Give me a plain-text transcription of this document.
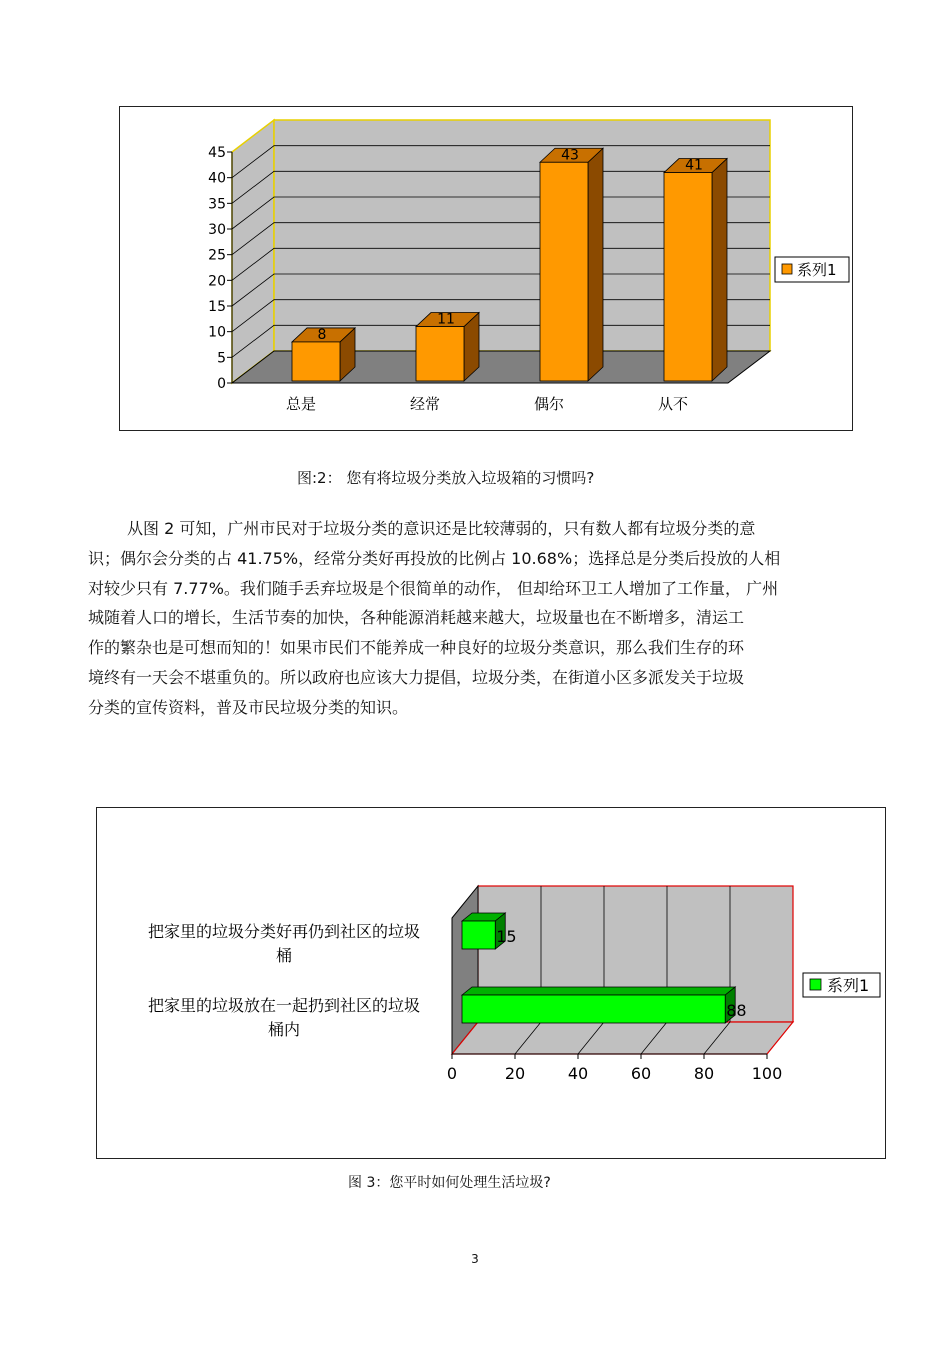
0
5
10
15
20
25
30
35
40
45
8
总是
11
经常
43
偶尔
41
从不
系列1
图:2： 您有将垃圾分类放入垃圾箱的习惯吗?
从图 2 可知，广州市民对于垃圾分类的意识还是比较薄弱的，只有数人都有垃圾分类的意
识；偶尔会分类的占 41.75%，经常分类好再投放的比例占 10.68%；选择总是分类后投放的人相
对较少只有 7.77%。我们随手丢弃垃圾是个很简单的动作， 但却给环卫工人增加了工作量， 广州
城随着人口的增长，生活节奏的加快，各种能源消耗越来越大，垃圾量也在不断增多，清运工
作的繁杂也是可想而知的！如果市民们不能养成一种良好的垃圾分类意识，那么我们生存的环
境终有一天会不堪重负的。所以政府也应该大力提倡，垃圾分类，在街道小区多派发关于垃圾
分类的宣传资料，普及市民垃圾分类的知识。
0	20	40	60	80 100
15
把家里的垃圾分类好再仍到社区的垃圾
桶
88
把家里的垃圾放在一起扔到社区的垃圾
桶内
系列1
图 3：您平时如何处理生活垃圾?
3
